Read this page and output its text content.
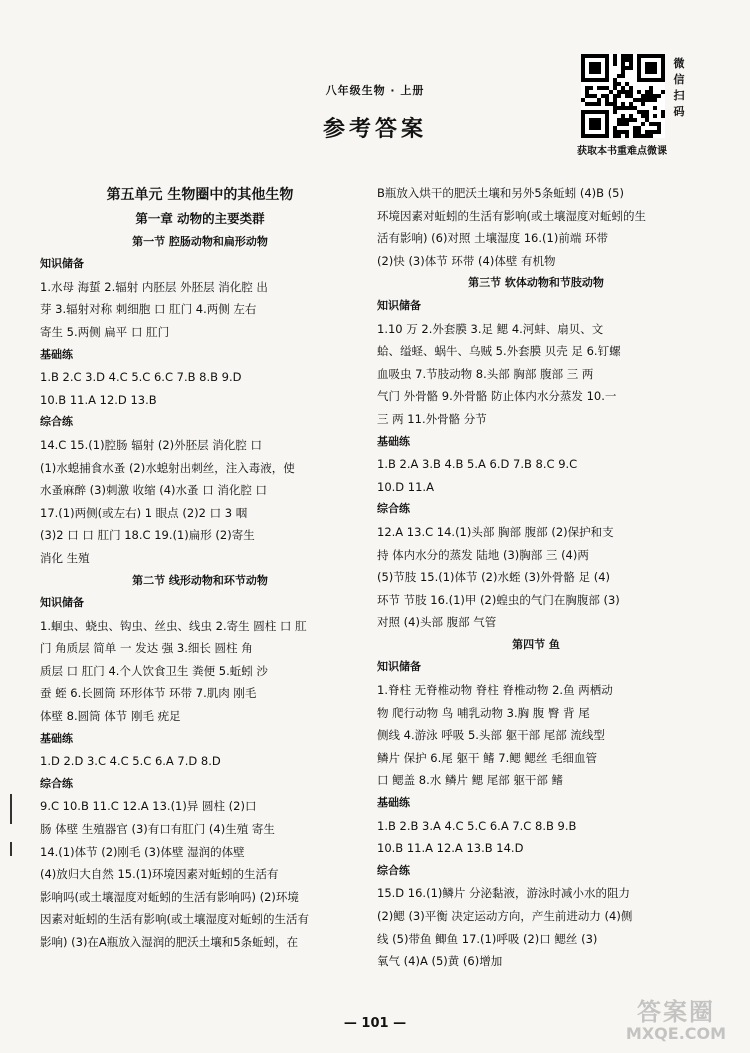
八年级生物 · 上册
参考答案
微
信
扫
码
获取本书重难点微课
第五单元 生物圈中的其他生物
第一章 动物的主要类群
第一节 腔肠动物和扁形动物
知识储备
1.水母 海蜇 2.辐射 内胚层 外胚层 消化腔 出
芽 3.辐射对称 刺细胞 口 肛门 4.两侧 左右
寄生 5.两侧 扁平 口 肛门
基础练
1.B 2.C 3.D 4.C 5.C 6.C 7.B 8.B 9.D
10.B 11.A 12.D 13.B
综合练
14.C 15.(1)腔肠 辐射 (2)外胚层 消化腔 口
(1)水螅捕食水蚤 (2)水螅射出刺丝，注入毒液，使
水蚤麻醉 (3)刺激 收缩 (4)水蚤 口 消化腔 口
17.(1)两侧(或左右) 1 眼点 (2)2 口 3 咽
(3)2 口 口 肛门 18.C 19.(1)扁形 (2)寄生
消化 生殖
第二节 线形动物和环节动物
知识储备
1.蛔虫、蛲虫、钩虫、丝虫、线虫 2.寄生 圆柱 口 肛
门 角质层 简单 一 发达 强 3.细长 圆柱 角
质层 口 肛门 4.个人饮食卫生 粪便 5.蚯蚓 沙
蚕 蛭 6.长圆筒 环形体节 环带 7.肌肉 刚毛
体壁 8.圆筒 体节 刚毛 疣足
基础练
1.D 2.D 3.C 4.C 5.C 6.A 7.D 8.D
综合练
9.C 10.B 11.C 12.A 13.(1)异 圆柱 (2)口
肠 体壁 生殖器官 (3)有口有肛门 (4)生殖 寄生
14.(1)体节 (2)刚毛 (3)体壁 湿润的体壁
(4)放归大自然 15.(1)环境因素对蚯蚓的生活有
影响吗(或土壤湿度对蚯蚓的生活有影响吗) (2)环境
因素对蚯蚓的生活有影响(或土壤湿度对蚯蚓的生活有
影响) (3)在A瓶放入湿润的肥沃土壤和5条蚯蚓，在
B瓶放入烘干的肥沃土壤和另外5条蚯蚓 (4)B (5)
环境因素对蚯蚓的生活有影响(或土壤湿度对蚯蚓的生
活有影响) (6)对照 土壤湿度 16.(1)前端 环带
(2)快 (3)体节 环带 (4)体壁 有机物
第三节 软体动物和节肢动物
知识储备
1.10 万 2.外套膜 3.足 鳃 4.河蚌、扇贝、文
蛤、缢蛏、蜗牛、乌贼 5.外套膜 贝壳 足 6.钉螺
血吸虫 7.节肢动物 8.头部 胸部 腹部 三 两
气门 外骨骼 9.外骨骼 防止体内水分蒸发 10.一
三 两 11.外骨骼 分节
基础练
1.B 2.A 3.B 4.B 5.A 6.D 7.B 8.C 9.C
10.D 11.A
综合练
12.A 13.C 14.(1)头部 胸部 腹部 (2)保护和支
持 体内水分的蒸发 陆地 (3)胸部 三 (4)两
(5)节肢 15.(1)体节 (2)水蛭 (3)外骨骼 足 (4)
环节 节肢 16.(1)甲 (2)蝗虫的气门在胸腹部 (3)
对照 (4)头部 腹部 气管
第四节 鱼
知识储备
1.脊柱 无脊椎动物 脊柱 脊椎动物 2.鱼 两栖动
物 爬行动物 鸟 哺乳动物 3.胸 腹 臀 背 尾
侧线 4.游泳 呼吸 5.头部 躯干部 尾部 流线型
鳞片 保护 6.尾 躯干 鳍 7.鳃 鳃丝 毛细血管
口 鳃盖 8.水 鳞片 鳃 尾部 躯干部 鳍
基础练
1.B 2.B 3.A 4.C 5.C 6.A 7.C 8.B 9.B
10.B 11.A 12.A 13.B 14.D
综合练
15.D 16.(1)鳞片 分泌黏液，游泳时减小水的阻力
(2)鳃 (3)平衡 决定运动方向，产生前进动力 (4)侧
线 (5)带鱼 鲫鱼 17.(1)呼吸 (2)口 鳃丝 (3)
氧气 (4)A (5)黄 (6)增加
— 101 —	答案圈
MXQE.COM
